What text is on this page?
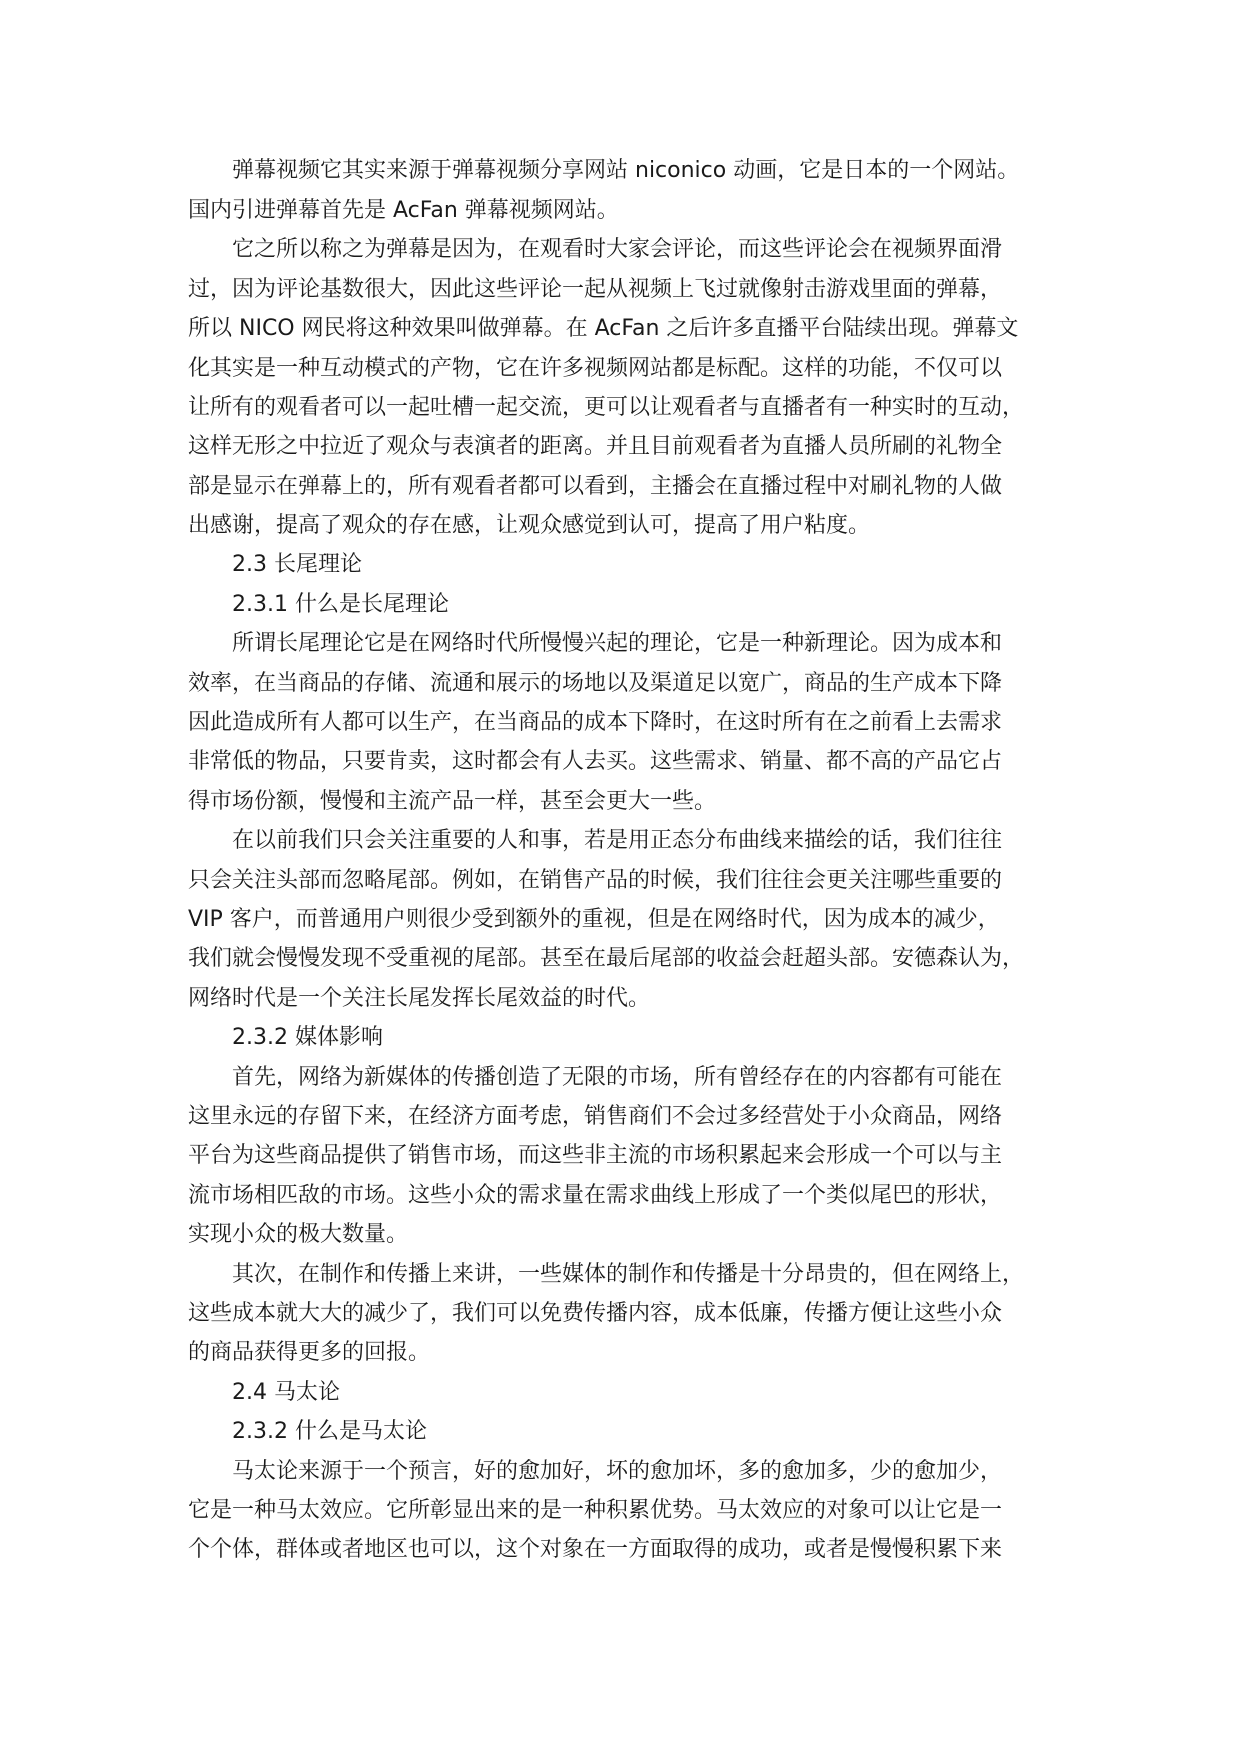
弹幕视频它其实来源于弹幕视频分享网站 niconico 动画，它是日本的一个网站。

国内引进弹幕首先是 AcFan 弹幕视频网站。

它之所以称之为弹幕是因为，在观看时大家会评论，而这些评论会在视频界面滑

过，因为评论基数很大，因此这些评论一起从视频上飞过就像射击游戏里面的弹幕，

所以 NICO 网民将这种效果叫做弹幕。在 AcFan 之后许多直播平台陆续出现。弹幕文

化其实是一种互动模式的产物，它在许多视频网站都是标配。这样的功能，不仅可以

让所有的观看者可以一起吐槽一起交流，更可以让观看者与直播者有一种实时的互动，

这样无形之中拉近了观众与表演者的距离。并且目前观看者为直播人员所刷的礼物全

部是显示在弹幕上的，所有观看者都可以看到，主播会在直播过程中对刷礼物的人做

出感谢，提高了观众的存在感，让观众感觉到认可，提高了用户粘度。

2.3 长尾理论

2.3.1 什么是长尾理论

所谓长尾理论它是在网络时代所慢慢兴起的理论，它是一种新理论。因为成本和

效率，在当商品的存储、流通和展示的场地以及渠道足以宽广，商品的生产成本下降

因此造成所有人都可以生产，在当商品的成本下降时，在这时所有在之前看上去需求

非常低的物品，只要肯卖，这时都会有人去买。这些需求、销量、都不高的产品它占

得市场份额，慢慢和主流产品一样，甚至会更大一些。

在以前我们只会关注重要的人和事，若是用正态分布曲线来描绘的话，我们往往

只会关注头部而忽略尾部。例如，在销售产品的时候，我们往往会更关注哪些重要的

VIP 客户，而普通用户则很少受到额外的重视，但是在网络时代，因为成本的减少，

我们就会慢慢发现不受重视的尾部。甚至在最后尾部的收益会赶超头部。安德森认为，

网络时代是一个关注长尾发挥长尾效益的时代。

2.3.2 媒体影响

首先，网络为新媒体的传播创造了无限的市场，所有曾经存在的内容都有可能在

这里永远的存留下来，在经济方面考虑，销售商们不会过多经营处于小众商品，网络

平台为这些商品提供了销售市场，而这些非主流的市场积累起来会形成一个可以与主

流市场相匹敌的市场。这些小众的需求量在需求曲线上形成了一个类似尾巴的形状，

实现小众的极大数量。

其次，在制作和传播上来讲，一些媒体的制作和传播是十分昂贵的，但在网络上，

这些成本就大大的减少了，我们可以免费传播内容，成本低廉，传播方便让这些小众

的商品获得更多的回报。

2.4 马太论

2.3.2 什么是马太论

马太论来源于一个预言，好的愈加好，坏的愈加坏，多的愈加多，少的愈加少，

它是一种马太效应。它所彰显出来的是一种积累优势。马太效应的对象可以让它是一

个个体，群体或者地区也可以，这个对象在一方面取得的成功，或者是慢慢积累下来
